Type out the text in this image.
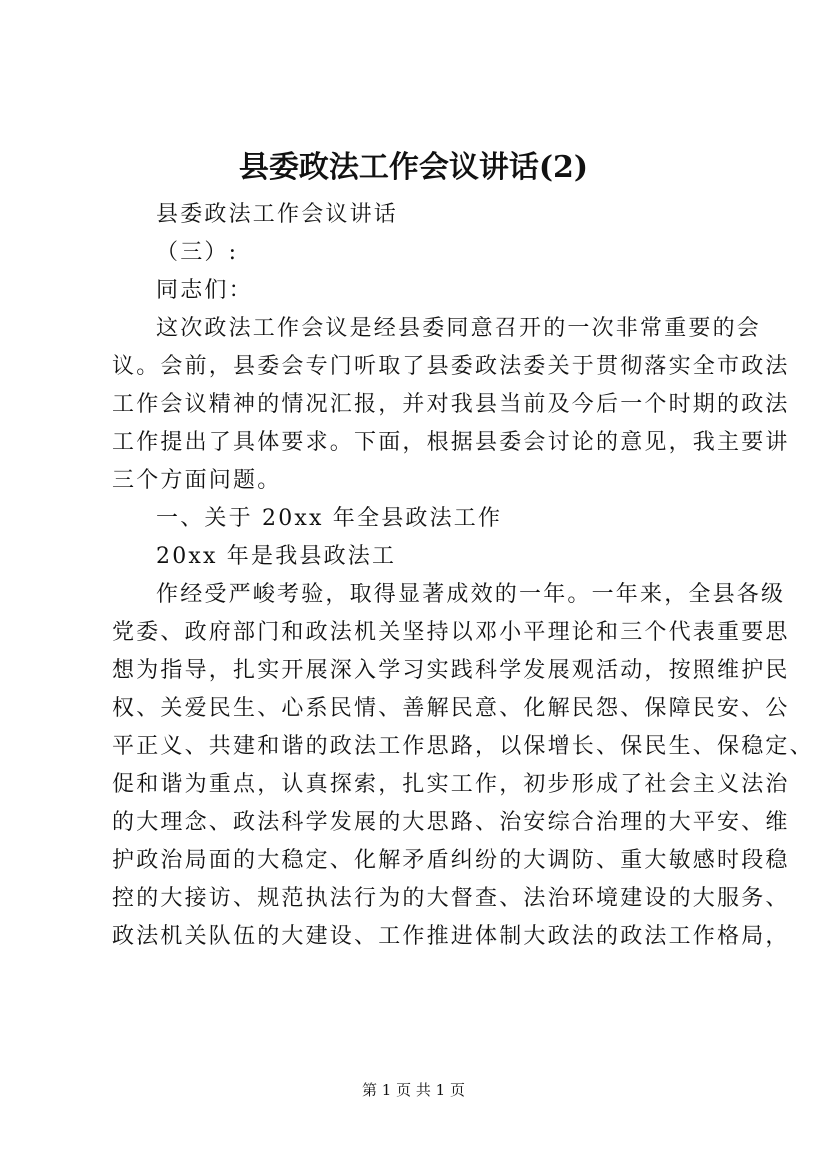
县委政法工作会议讲话(2)
县委政法工作会议讲话
（三）:
同志们：
这次政法工作会议是经县委同意召开的一次非常重要的会
议。会前，县委会专门听取了县委政法委关于贯彻落实全市政法
工作会议精神的情况汇报，并对我县当前及今后一个时期的政法
工作提出了具体要求。下面，根据县委会讨论的意见，我主要讲
三个方面问题。
一、关于 20xx 年全县政法工作
20xx 年是我县政法工
作经受严峻考验，取得显著成效的一年。一年来，全县各级
党委、政府部门和政法机关坚持以邓小平理论和三个代表重要思
想为指导，扎实开展深入学习实践科学发展观活动，按照维护民
权、关爱民生、心系民情、善解民意、化解民怨、保障民安、公
平正义、共建和谐的政法工作思路，以保增长、保民生、保稳定、
促和谐为重点，认真探索，扎实工作，初步形成了社会主义法治
的大理念、政法科学发展的大思路、治安综合治理的大平安、维
护政治局面的大稳定、化解矛盾纠纷的大调防、重大敏感时段稳
控的大接访、规范执法行为的大督查、法治环境建设的大服务、
政法机关队伍的大建设、工作推进体制大政法的政法工作格局，
第 1 页 共 1 页
